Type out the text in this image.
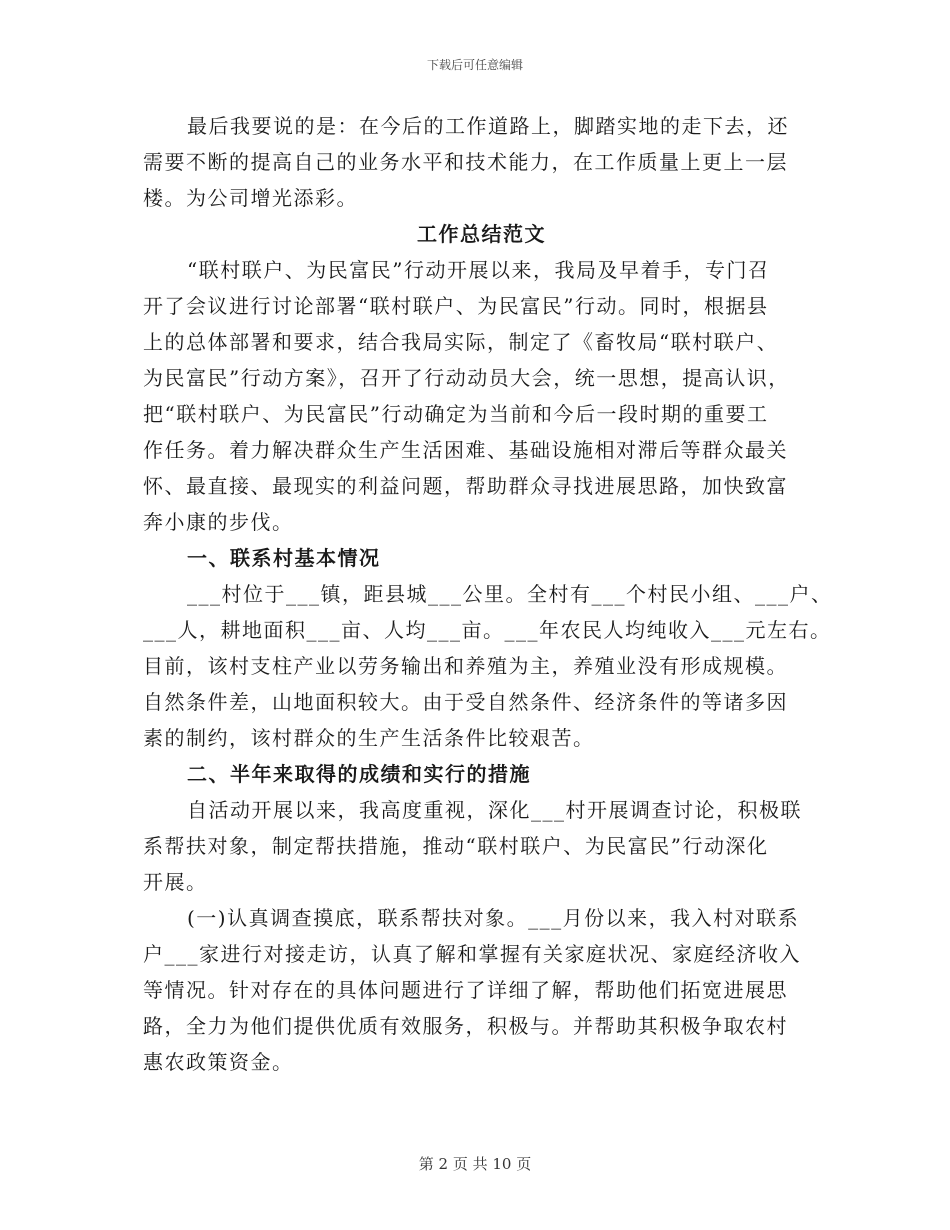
下载后可任意编辑

最后我要说的是：在今后的工作道路上，脚踏实地的走下去，还
需要不断的提高自己的业务水平和技术能力，在工作质量上更上一层
楼。为公司增光添彩。

工作总结范文

“联村联户、为民富民”行动开展以来，我局及早着手，专门召
开了会议进行讨论部署“联村联户、为民富民”行动。同时，根据县
上的总体部署和要求，结合我局实际，制定了《畜牧局“联村联户、
为民富民”行动方案》，召开了行动动员大会，统一思想，提高认识，
把“联村联户、为民富民”行动确定为当前和今后一段时期的重要工
作任务。着力解决群众生产生活困难、基础设施相对滞后等群众最关
怀、最直接、最现实的利益问题，帮助群众寻找进展思路，加快致富
奔小康的步伐。

一、联系村基本情况

___村位于___镇，距县城___公里。全村有___个村民小组、___户、
___人，耕地面积___亩、人均___亩。___年农民人均纯收入___元左右。
目前，该村支柱产业以劳务输出和养殖为主，养殖业没有形成规模。
自然条件差，山地面积较大。由于受自然条件、经济条件的等诸多因
素的制约，该村群众的生产生活条件比较艰苦。

二、半年来取得的成绩和实行的措施

自活动开展以来，我高度重视，深化___村开展调查讨论，积极联
系帮扶对象，制定帮扶措施，推动“联村联户、为民富民”行动深化
开展。

(一)认真调查摸底，联系帮扶对象。___月份以来，我入村对联系
户___家进行对接走访，认真了解和掌握有关家庭状况、家庭经济收入
等情况。针对存在的具体问题进行了详细了解，帮助他们拓宽进展思
路，全力为他们提供优质有效服务，积极与。并帮助其积极争取农村
惠农政策资金。

第 2 页 共 10 页
